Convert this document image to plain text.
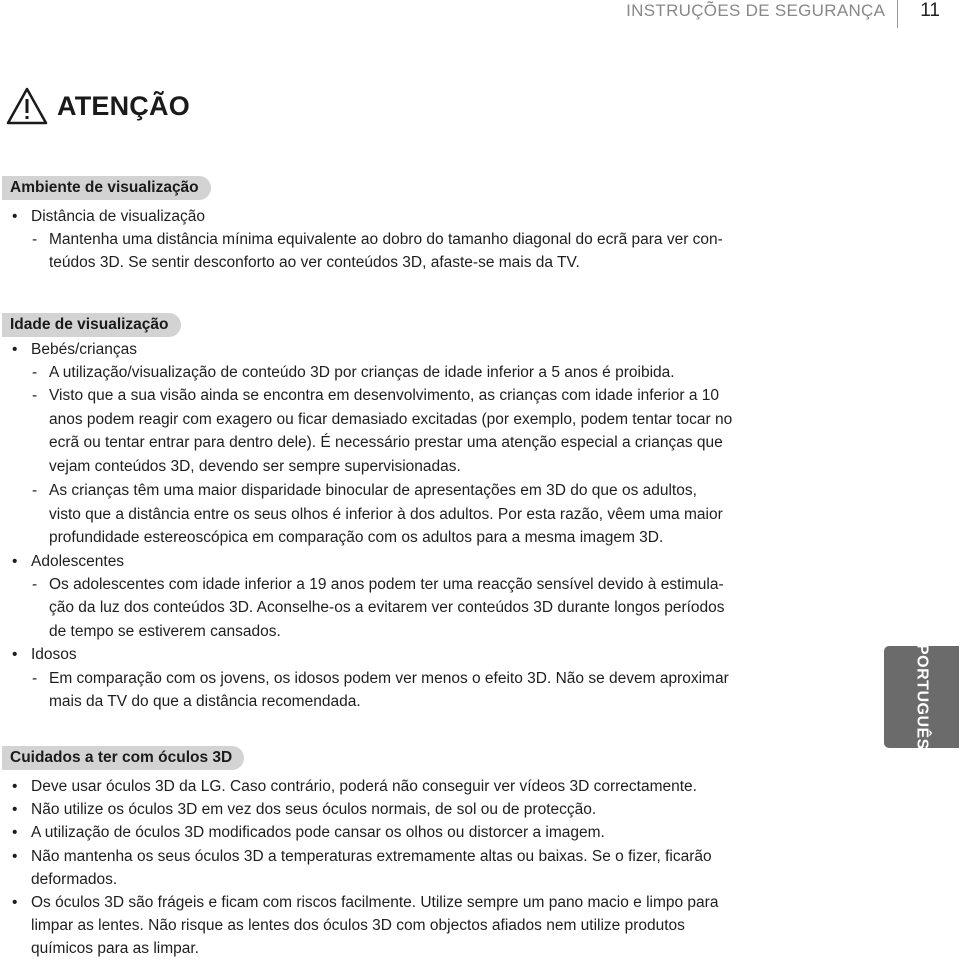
INSTRUÇÕES DE SEGURANÇA 11
ATENÇÃO
Ambiente de visualização
• Distância de visualização
- Mantenha uma distância mínima equivalente ao dobro do tamanho diagonal do ecrã para ver con-
teúdos 3D. Se sentir desconforto ao ver conteúdos 3D, afaste-se mais da TV.
Idade de visualização
• Bebés/crianças
- A utilização/visualização de conteúdo 3D por crianças de idade inferior a 5 anos é proibida.
- Visto que a sua visão ainda se encontra em desenvolvimento, as crianças com idade inferior a 10
anos podem reagir com exagero ou ficar demasiado excitadas (por exemplo, podem tentar tocar no
ecrã ou tentar entrar para dentro dele). É necessário prestar uma atenção especial a crianças que
vejam conteúdos 3D, devendo ser sempre supervisionadas.
- As crianças têm uma maior disparidade binocular de apresentações em 3D do que os adultos,
visto que a distância entre os seus olhos é inferior à dos adultos. Por esta razão, vêem uma maior
profundidade estereoscópica em comparação com os adultos para a mesma imagem 3D.
• Adolescentes
- Os adolescentes com idade inferior a 19 anos podem ter uma reacção sensível devido à estimula-
ção da luz dos conteúdos 3D. Aconselhe-os a evitarem ver conteúdos 3D durante longos períodos
de tempo se estiverem cansados.
• Idosos
- Em comparação com os jovens, os idosos podem ver menos o efeito 3D. Não se devem aproximar
mais da TV do que a distância recomendada.
Cuidados a ter com óculos 3D
• Deve usar óculos 3D da LG. Caso contrário, poderá não conseguir ver vídeos 3D correctamente.
• Não utilize os óculos 3D em vez dos seus óculos normais, de sol ou de protecção.
• A utilização de óculos 3D modificados pode cansar os olhos ou distorcer a imagem.
• Não mantenha os seus óculos 3D a temperaturas extremamente altas ou baixas. Se o fizer, ficarão
deformados.
• Os óculos 3D são frágeis e ficam com riscos facilmente. Utilize sempre um pano macio e limpo para
limpar as lentes. Não risque as lentes dos óculos 3D com objectos afiados nem utilize produtos
químicos para as limpar.
PORTUGUÊS
